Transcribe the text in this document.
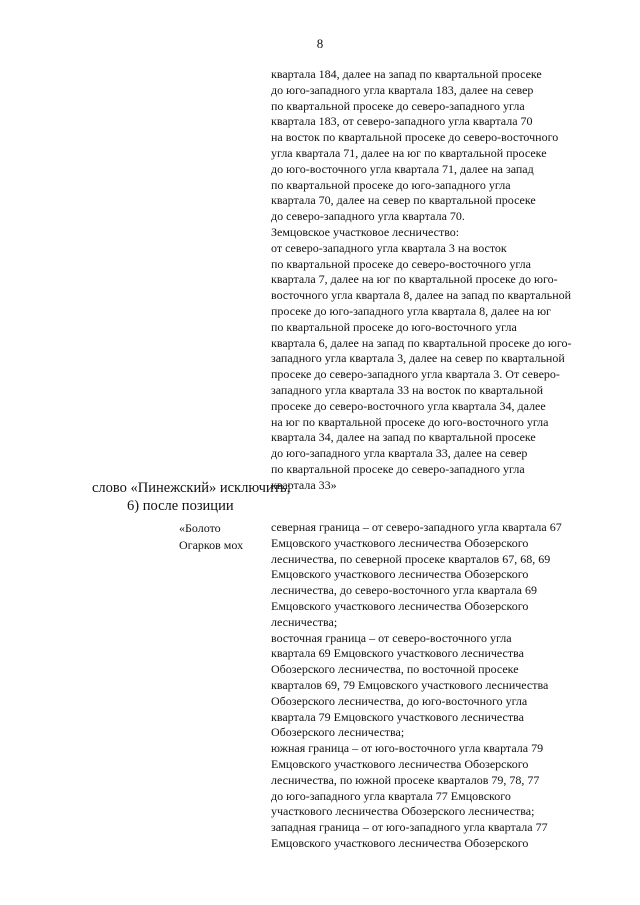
8
квартала 184, далее на запад по квартальной просеке
до юго-западного угла квартала 183, далее на север
по квартальной просеке до северо-западного угла
квартала 183, от северо-западного угла квартала 70
на восток по квартальной просеке до северо-восточного
угла квартала 71, далее на юг по квартальной просеке
до юго-восточного угла квартала 71, далее на запад
по квартальной просеке до юго-западного угла
квартала 70, далее на север по квартальной просеке
до северо-западного угла квартала 70.
Земцовское участковое лесничество:
от северо-западного угла квартала 3 на восток
по квартальной просеке до северо-восточного угла
квартала 7, далее на юг по квартальной просеке до юго-
восточного угла квартала 8, далее на запад по квартальной
просеке до юго-западного угла квартала 8, далее на юг
по квартальной просеке до юго-восточного угла
квартала 6, далее на запад по квартальной просеке до юго-
западного угла квартала 3, далее на север по квартальной
просеке до северо-западного угла квартала 3. От северо-
западного угла квартала 33 на восток по квартальной
просеке до северо-восточного угла квартала 34, далее
на юг по квартальной просеке до юго-восточного угла
квартала 34, далее на запад по квартальной просеке
до юго-западного угла квартала 33, далее на север
по квартальной просеке до северо-западного угла
квартала 33»
слово «Пинежский» исключить;
6) после позиции
«Болото
Огарков мох
северная граница – от северо-западного угла квартала 67
Емцовского участкового лесничества Обозерского
лесничества, по северной просеке кварталов 67, 68, 69
Емцовского участкового лесничества Обозерского
лесничества, до северо-восточного угла квартала 69
Емцовского участкового лесничества Обозерского
лесничества;
восточная граница – от северо-восточного угла
квартала 69 Емцовского участкового лесничества
Обозерского лесничества, по восточной просеке
кварталов 69, 79 Емцовского участкового лесничества
Обозерского лесничества, до юго-восточного угла
квартала 79 Емцовского участкового лесничества
Обозерского лесничества;
южная граница – от юго-восточного угла квартала 79
Емцовского участкового лесничества Обозерского
лесничества, по южной просеке кварталов 79, 78, 77
до юго-западного угла квартала 77 Емцовского
участкового лесничества Обозерского лесничества;
западная граница – от юго-западного угла квартала 77
Емцовского участкового лесничества Обозерского
